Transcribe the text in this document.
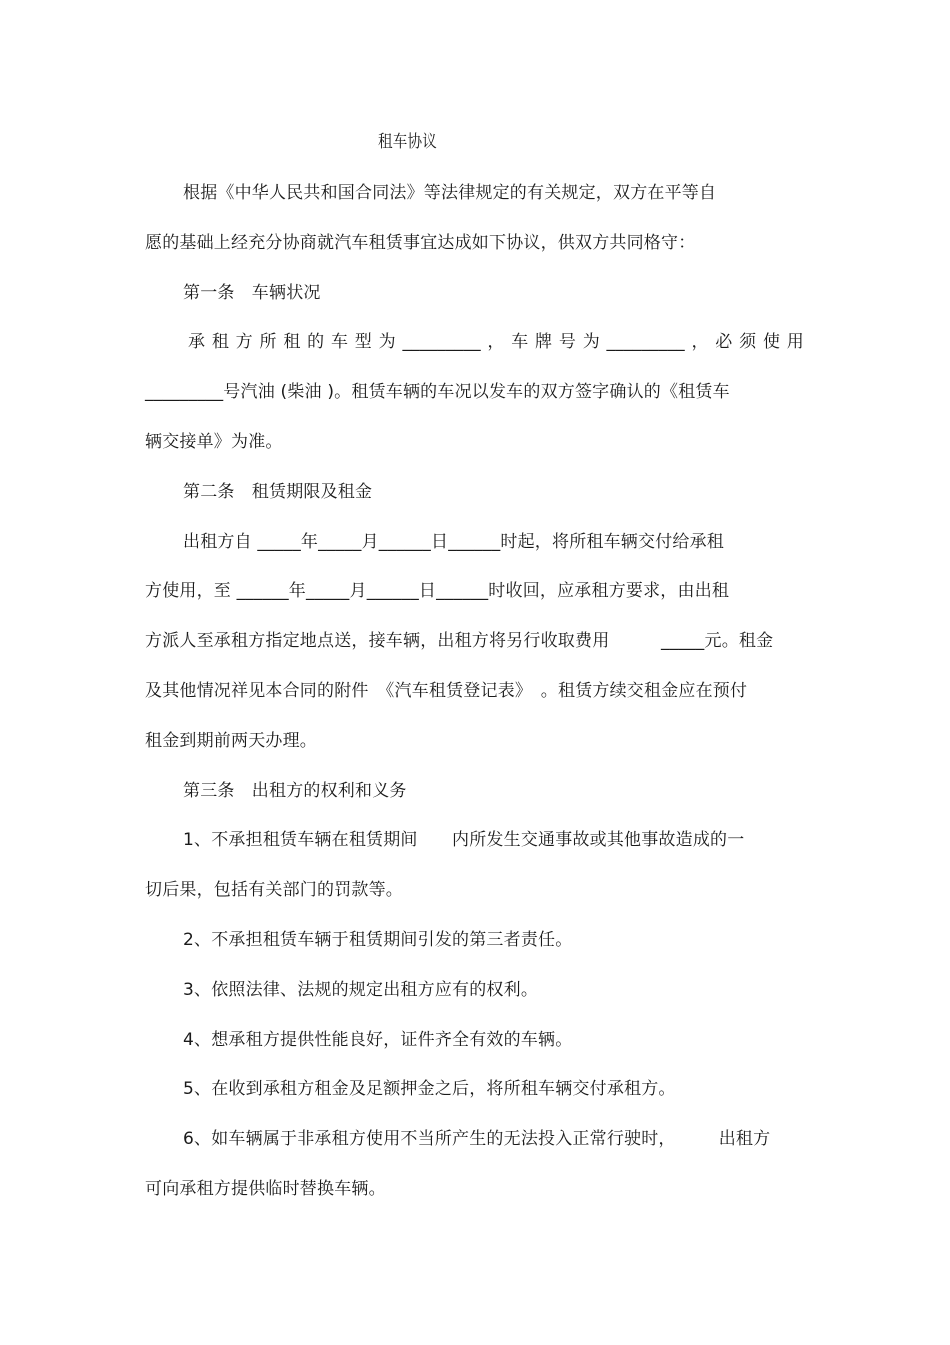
租车协议
根据《中华人民共和国合同法》等法律规定的有关规定，双方在平等自
愿的基础上经充分协商就汽车租赁事宜达成如下协议，供双方共同格守：
第一条　车辆状况
承租方所租的车型为_________，车牌号为_________，必须使用
_________号汽油 (柴油 )。租赁车辆的车况以发车的双方签字确认的《租赁车
辆交接单》为准。
第二条　租赁期限及租金
出租方自 _____年_____月______日______时起，将所租车辆交付给承租
方使用，至 ______年_____月______日______时收回，应承租方要求，由出租
方派人至承租方指定地点送，接车辆，出租方将另行收取费用　　　_____元。租金
及其他情况祥见本合同的附件　《汽车租赁登记表》　。租赁方续交租金应在预付
租金到期前两天办理。
第三条　出租方的权利和义务
1、不承担租赁车辆在租赁期间　　内所发生交通事故或其他事故造成的一
切后果，包括有关部门的罚款等。
2、不承担租赁车辆于租赁期间引发的第三者责任。
3、依照法律、法规的规定出租方应有的权利。
4、想承租方提供性能良好，证件齐全有效的车辆。
5、在收到承租方租金及足额押金之后，将所租车辆交付承租方。
6、如车辆属于非承租方使用不当所产生的无法投入正常行驶时，　　　出租方
可向承租方提供临时替换车辆。
